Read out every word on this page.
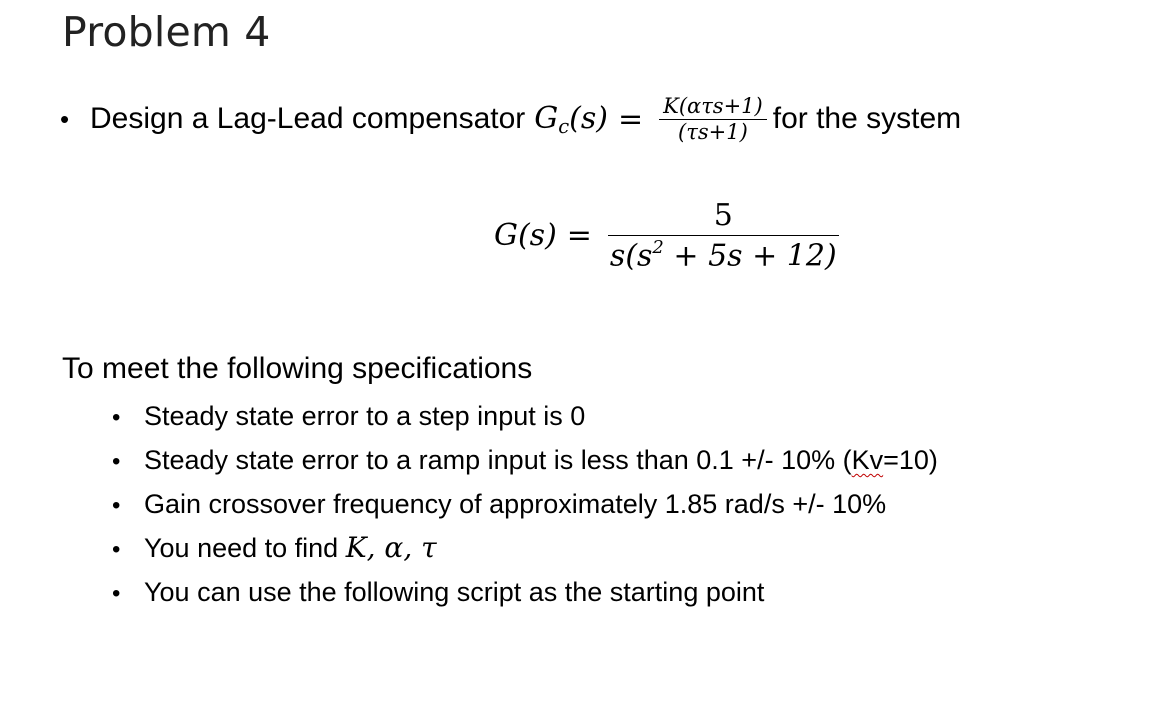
Problem 4
• Design a Lag-Lead compensator $G_c(s) = \frac{\text{K(ατs+1)}}{(\tau s+1)}$ for the system
$G(s) = \frac{5}{s(s^2 + 5s + 12)}$

To meet the following specifications

• Steady state error to a step input is 0
• Steady state error to a ramp input is less than 0.1 +/- 10% (Kv=10)
• Gain crossover frequency of approximately 1.85 rad/s +/- 10%
• You need to find K, α, τ
• You can use the following script as the starting point
